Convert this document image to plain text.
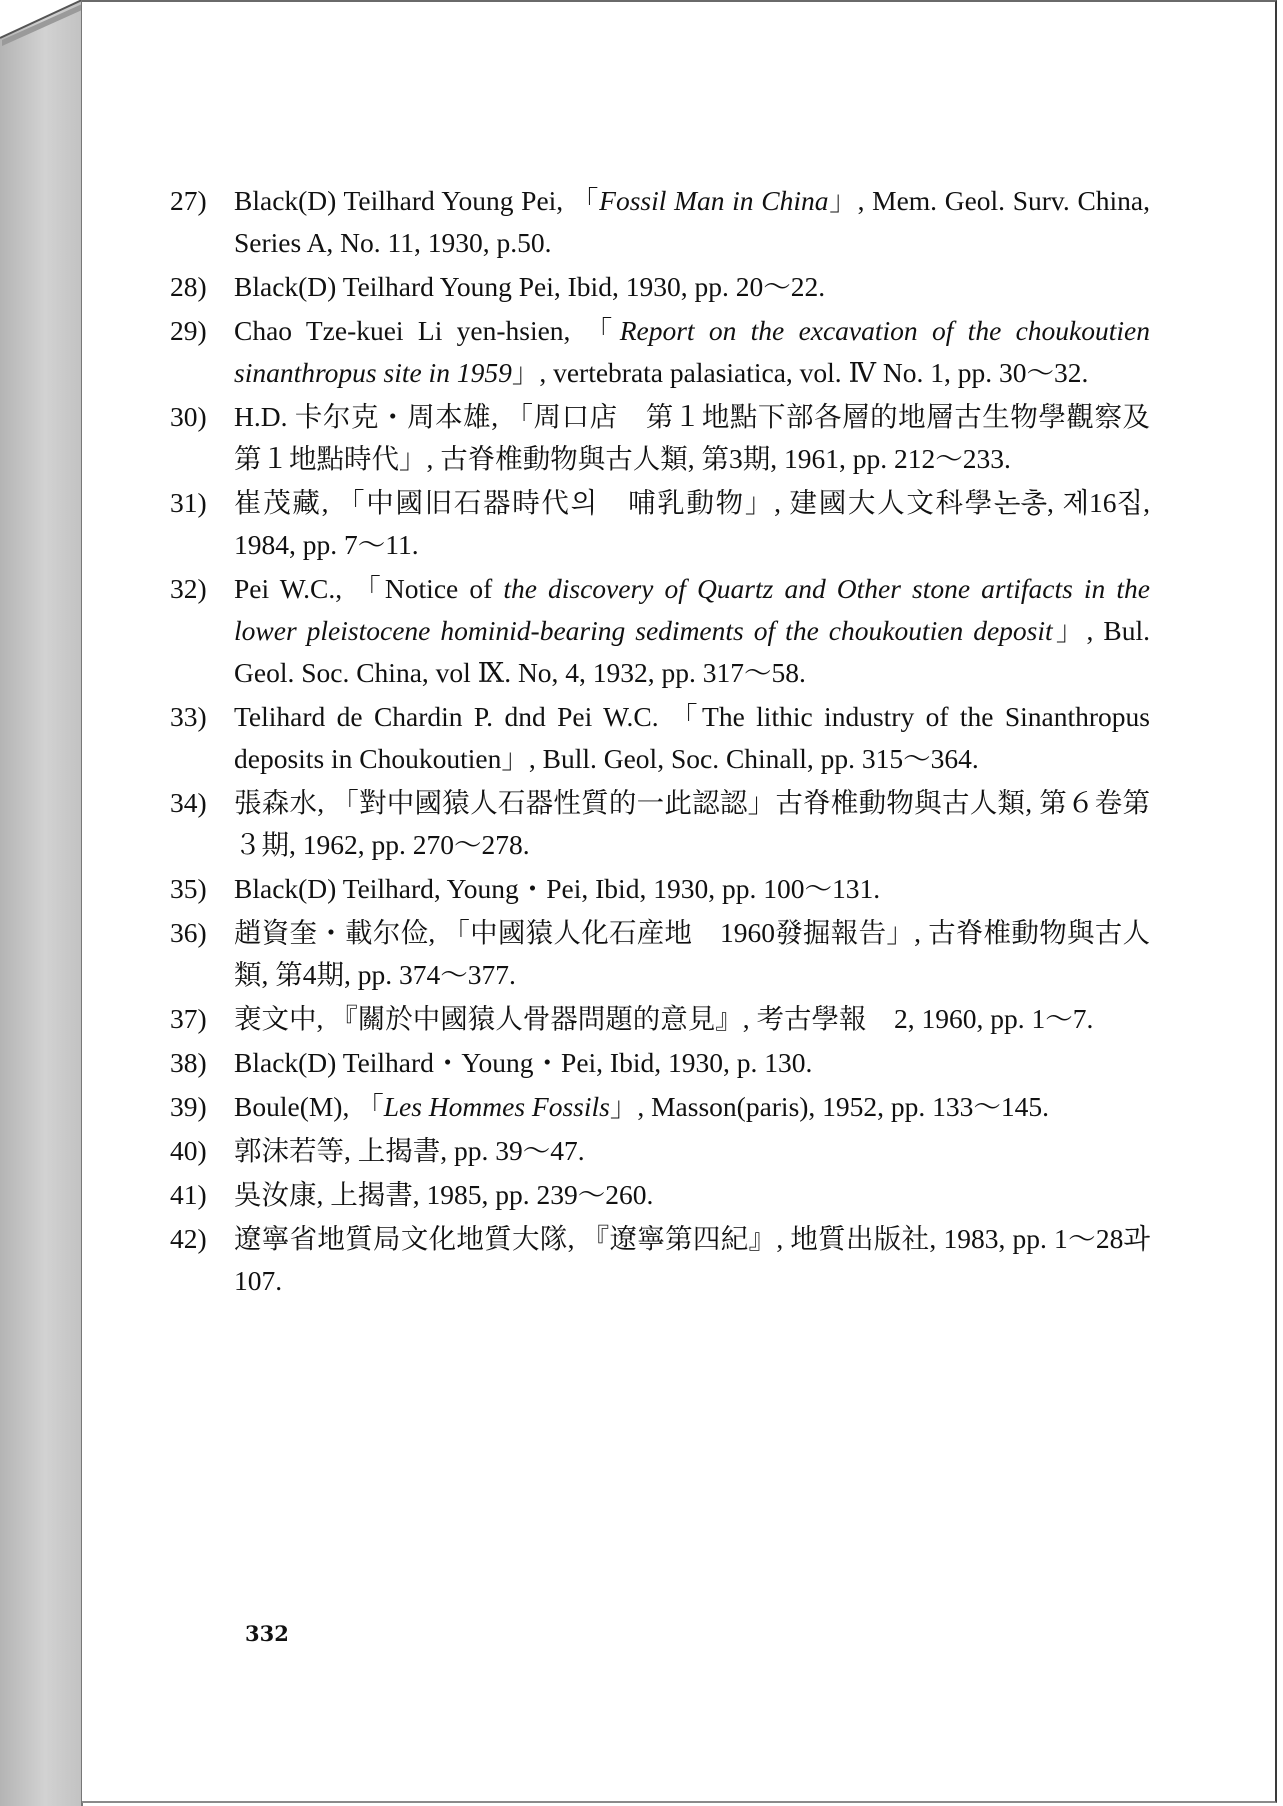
27) Black(D) Teilhard Young Pei, 「Fossil Man in China」, Mem. Geol. Surv. China, Series A, No. 11, 1930, p.50.
28) Black(D) Teilhard Young Pei, Ibid, 1930, pp. 20～22.
29) Chao Tze-kuei Li yen-hsien, 「Report on the excavation of the choukoutien sinanthropus site in 1959」, vertebrata palasiatica, vol. Ⅳ No. 1, pp. 30～32.
30) H.D. 卡尔克・周本雄, 「周口店　第１地點下部各層的地層古生物學觀察及　第１地點時代」, 古脊椎動物與古人類, 第3期, 1961, pp. 212～233.
31) 崔茂藏, 「中國旧石器時代의　哺乳動物」, 建國大人文科學논총, 제16집, 1984, pp. 7～11.
32) Pei W.C., 「Notice of the discovery of Quartz and Other stone artifacts in the lower pleistocene hominid-bearing sediments of the choukoutien deposit」, Bul. Geol. Soc. China, vol Ⅸ. No, 4, 1932, pp. 317～58.
33) Telihard de Chardin P. dnd Pei W.C. 「The lithic industry of the Sinanthropus deposits in Choukoutien」, Bull. Geol, Soc. Chinall, pp. 315～364.
34) 張森水, 「對中國猿人石器性質的一此認認」古脊椎動物與古人類, 第６卷第３期, 1962, pp. 270～278.
35) Black(D) Teilhard, Young・Pei, Ibid, 1930, pp. 100～131.
36) 趙資奎・載尔俭, 「中國猿人化石産地　1960發掘報告」, 古脊椎動物與古人類, 第4期, pp. 374～377.
37) 裵文中, 『關於中國猿人骨器問題的意見』, 考古學報　2, 1960, pp. 1～7.
38) Black(D) Teilhard・Young・Pei, Ibid, 1930, p. 130.
39) Boule(M), 「Les Hommes Fossils」, Masson(paris), 1952, pp. 133～145.
40) 郭沫若等, 上揭書, pp. 39～47.
41) 吳汝康, 上揭書, 1985, pp. 239～260.
42) 遼寧省地質局文化地質大隊, 『遼寧第四紀』, 地質出版社, 1983, pp. 1～28과 107.
332
